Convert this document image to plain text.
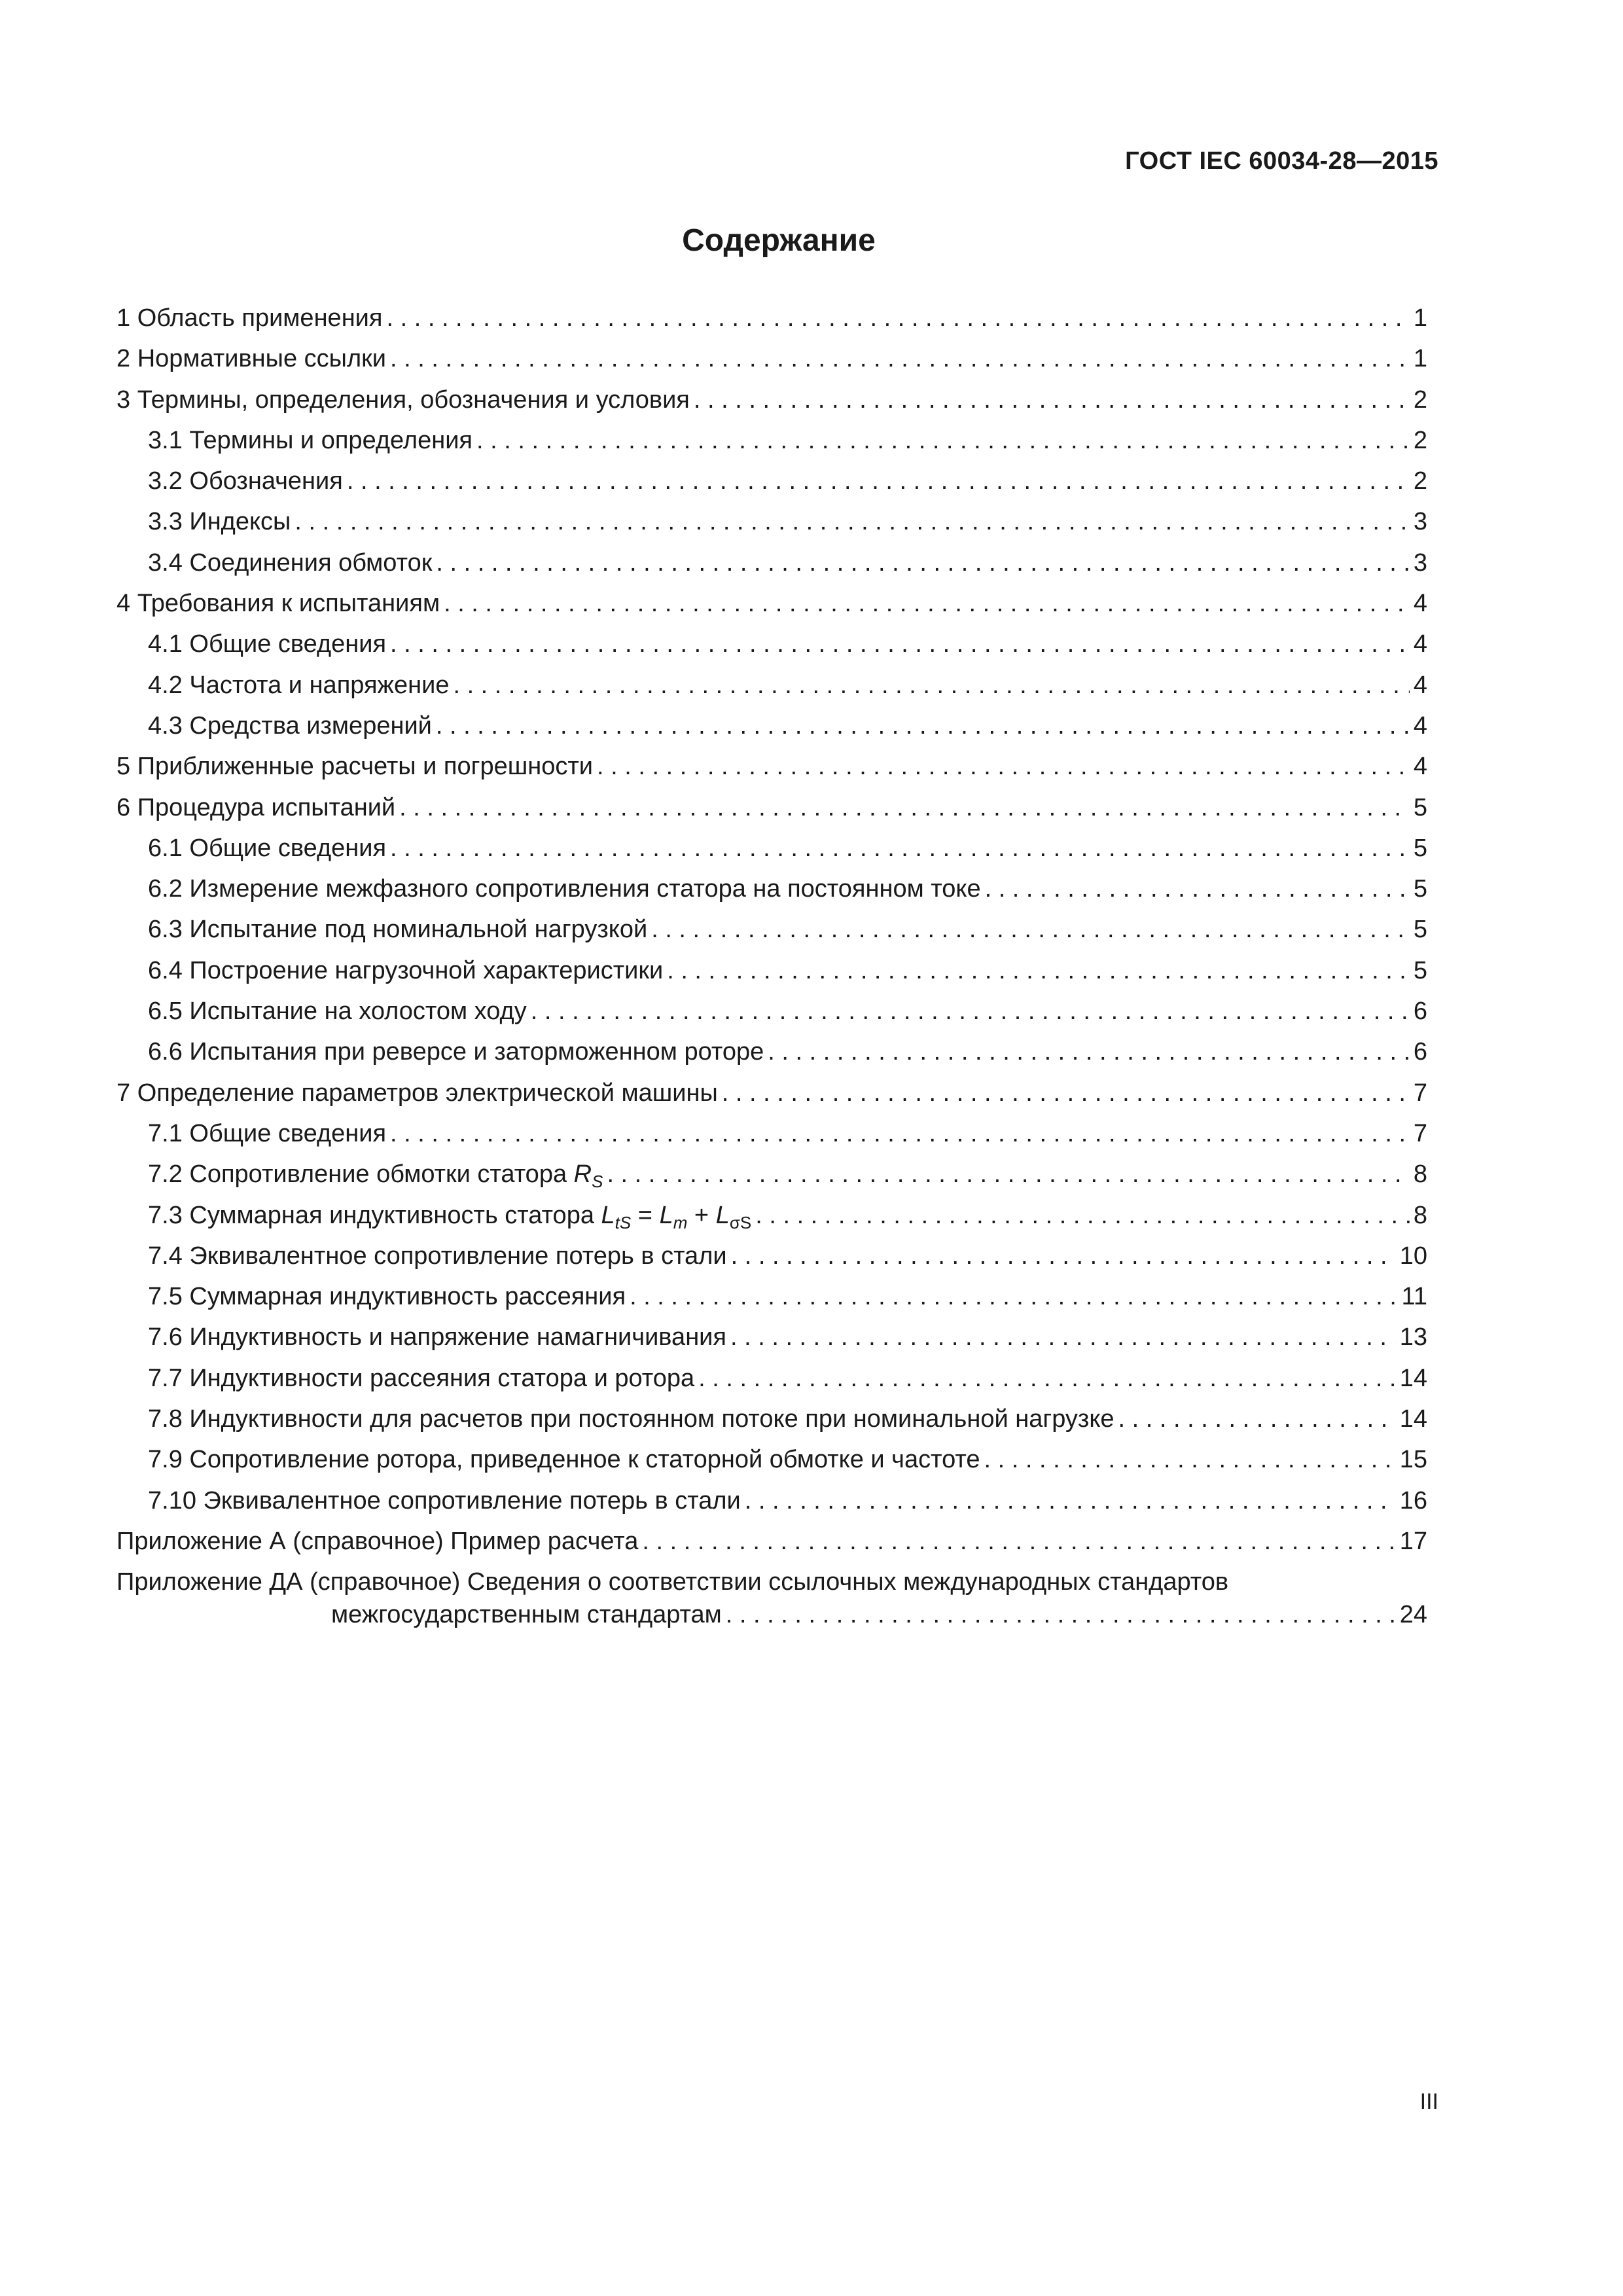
ГОСТ IEC 60034-28—2015
Содержание
1 Область применения . . .	1
2 Нормативные ссылки . . .	1
3 Термины, определения, обозначения и условия . . .	2
3.1 Термины и определения . . .	2
3.2 Обозначения . . .	2
3.3 Индексы . . .	3
3.4 Соединения обмоток . . .	3
4 Требования к испытаниям . . .	4
4.1 Общие сведения . . .	4
4.2 Частота и напряжение . . .	4
4.3 Средства измерений . . .	4
5 Приближенные расчеты и погрешности . . .	4
6 Процедура испытаний . . .	5
6.1 Общие сведения . . .	5
6.2 Измерение межфазного сопротивления статора на постоянном токе . . .	5
6.3 Испытание под номинальной нагрузкой . . .	5
6.4 Построение нагрузочной характеристики . . .	5
6.5 Испытание на холостом ходу . . .	6
6.6 Испытания при реверсе и заторможенном роторе . . .	6
7 Определение параметров электрической машины . . .	7
7.1 Общие сведения . . .	7
7.2 Сопротивление обмотки статора $R_S$ . . .	8
7.3 Суммарная индуктивность статора $L_{tS} = L_m + L_{\sigma S}$ . . .	8
7.4 Эквивалентное сопротивление потерь в стали . . .	10
7.5 Суммарная индуктивность рассеяния . . .	11
7.6 Индуктивность и напряжение намагничивания . . .	13
7.7 Индуктивности рассеяния статора и ротора . . .	14
7.8 Индуктивности для расчетов при постоянном потоке при номинальной нагрузке . . .	14
7.9 Сопротивление ротора, приведенное к статорной обмотке и частоте . . .	15
7.10 Эквивалентное сопротивление потерь в стали . . .	16
Приложение А (справочное) Пример расчета . . .	17
Приложение ДА (справочное) Сведения о соответствии ссылочных международных стандартов
межгосударственным стандартам . . .	24
III
